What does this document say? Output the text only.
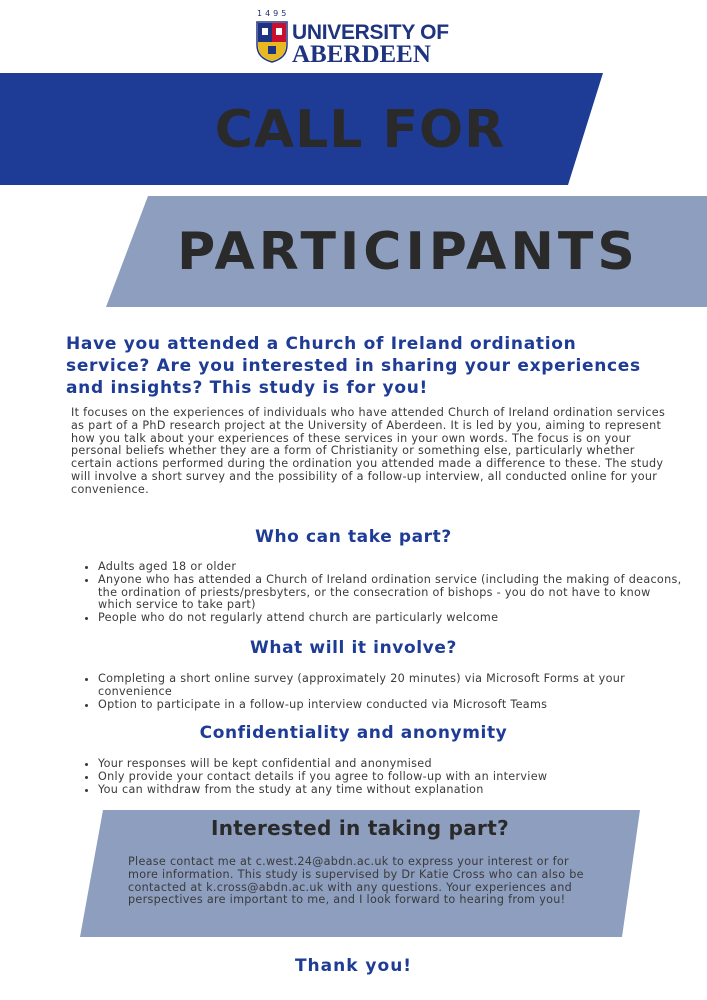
1495
UNIVERSITY OF
ABERDEEN
CALL FOR
PARTICIPANTS

Have you attended a Church of Ireland ordination service? Are you interested in sharing your experiences and insights? This study is for you!

It focuses on the experiences of individuals who have attended Church of Ireland ordination services as part of a PhD research project at the University of Aberdeen. It is led by you, aiming to represent how you talk about your experiences of these services in your own words. The focus is on your personal beliefs whether they are a form of Christianity or something else, particularly whether certain actions performed during the ordination you attended made a difference to these. The study will involve a short survey and the possibility of a follow-up interview, all conducted online for your convenience.

Who can take part?
• Adults aged 18 or older
• Anyone who has attended a Church of Ireland ordination service (including the making of deacons, the ordination of priests/presbyters, or the consecration of bishops - you do not have to know which service to take part)
• People who do not regularly attend church are particularly welcome
What will it involve?
• Completing a short online survey (approximately 20 minutes) via Microsoft Forms at your convenience
• Option to participate in a follow-up interview conducted via Microsoft Teams
Confidentiality and anonymity
• Your responses will be kept confidential and anonymised
• Only provide your contact details if you agree to follow-up with an interview
• You can withdraw from the study at any time without explanation
Interested in taking part?

Please contact me at c.west.24@abdn.ac.uk to express your interest or for more information. This study is supervised by Dr Katie Cross who can also be contacted at k.cross@abdn.ac.uk with any questions. Your experiences and perspectives are important to me, and I look forward to hearing from you!

Thank you!
